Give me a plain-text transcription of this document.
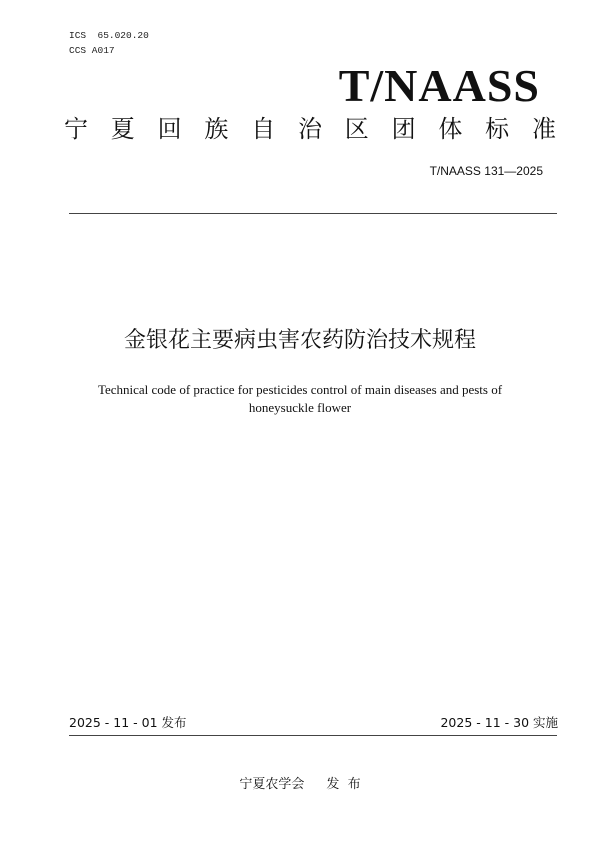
ICS  65.020.20
CCS A017
T/NAASS
宁 夏 回 族 自 治 区 团 体 标 准
T/NAASS 131—2025
金银花主要病虫害农药防治技术规程
Technical code of practice for pesticides control of main diseases and pests of
honeysuckle flower
2025 - 11 - 01 发布	2025 - 11 - 30 实施
宁夏农学会 发  布
